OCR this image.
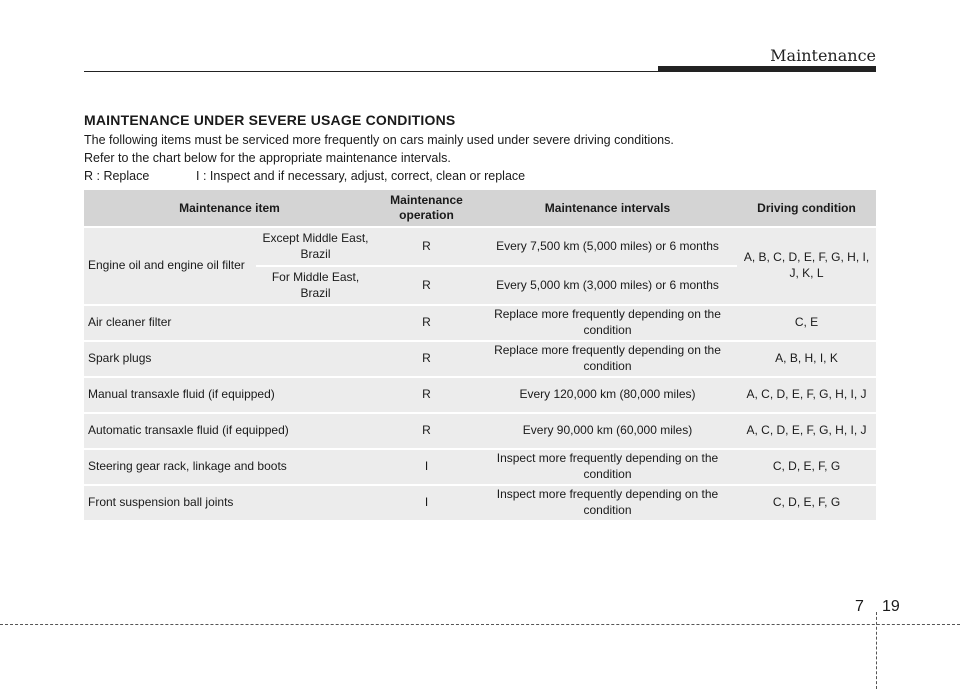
Maintenance
MAINTENANCE UNDER SEVERE USAGE CONDITIONS
The following items must be serviced more frequently on cars mainly used under severe driving conditions.
Refer to the chart below for the appropriate maintenance intervals.
R : Replace	I : Inspect and if necessary, adjust, correct, clean or replace
Maintenance item		Maintenance operation	Maintenance intervals	Driving condition
Engine oil and engine oil filter	Except Middle East, Brazil	R	Every 7,500 km (5,000 miles) or 6 months	A, B, C, D, E, F, G, H, I, J, K, L
	For Middle East, Brazil	R	Every 5,000 km (3,000 miles) or 6 months	
Air cleaner filter		R	Replace more frequently depending on the condition	C, E
Spark plugs		R	Replace more frequently depending on the condition	A, B, H, I, K
Manual transaxle fluid (if equipped)		R	Every 120,000 km (80,000 miles)	A, C, D, E, F, G, H, I, J
Automatic transaxle fluid (if equipped)		R	Every 90,000 km (60,000 miles)	A, C, D, E, F, G, H, I, J
Steering gear rack, linkage and boots		I	Inspect more frequently depending on the condition	C, D, E, F, G
Front suspension ball joints		I	Inspect more frequently depending on the condition	C, D, E, F, G
7 19
